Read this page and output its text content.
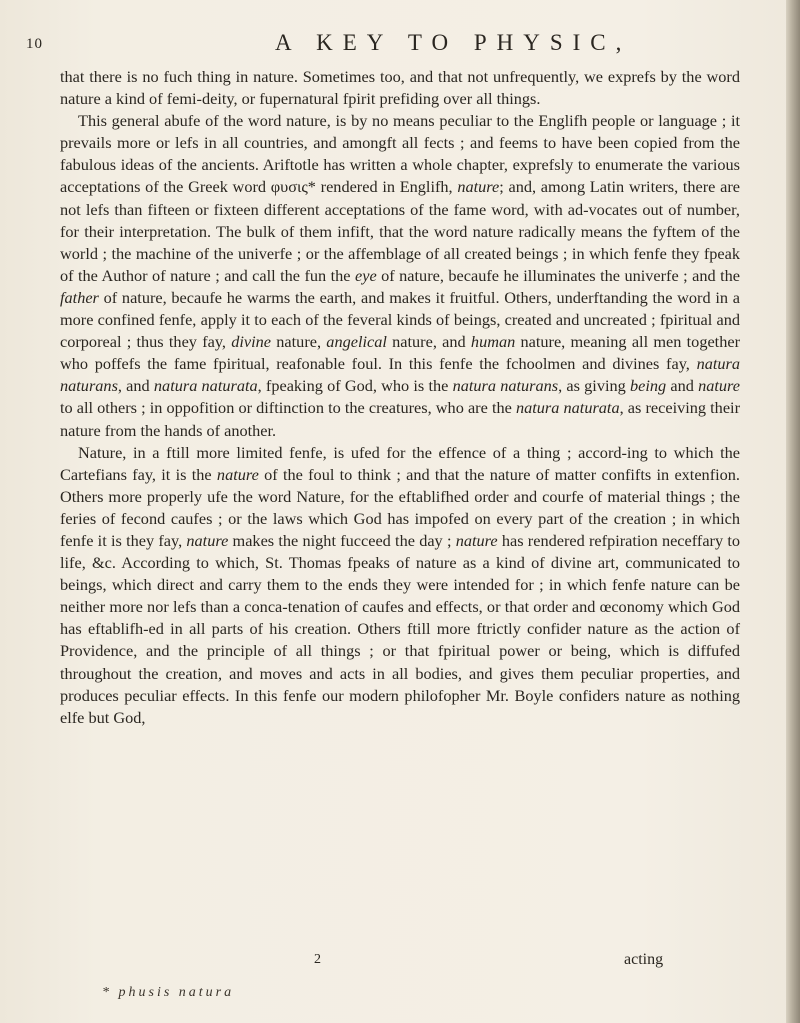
10	A KEY TO PHYSIC,

that there is no fuch thing in nature. Sometimes too, and that not unfrequently, we exprefs by the word nature a kind of femi-deity, or fupernatural fpirit prefiding over all things.

This general abufe of the word nature, is by no means peculiar to the Englifh people or language ; it prevails more or lefs in all countries, and amongft all fects ; and feems to have been copied from the fabulous ideas of the ancients. Ariftotle has written a whole chapter, exprefsly to enumerate the various acceptations of the Greek word φυσις* rendered in Englifh, nature; and, among Latin writers, there are not lefs than fifteen or fixteen different acceptations of the fame word, with ad-vocates out of number, for their interpretation. The bulk of them infift, that the word nature radically means the fyftem of the world ; the machine of the univerfe ; or the affemblage of all created beings ; in which fenfe they fpeak of the Author of nature ; and call the fun the eye of nature, becaufe he illuminates the univerfe ; and the father of nature, becaufe he warms the earth, and makes it fruitful. Others, underftanding the word in a more confined fenfe, apply it to each of the feveral kinds of beings, created and uncreated ; fpiritual and corporeal ; thus they fay, divine nature, angelical nature, and human nature, meaning all men together who poffefs the fame fpiritual, reafonable foul. In this fenfe the fchoolmen and divines fay, natura naturans, and natura naturata, fpeaking of God, who is the natura naturans, as giving being and nature to all others ; in oppofition or diftinction to the creatures, who are the natura naturata, as receiving their nature from the hands of another.

Nature, in a ftill more limited fenfe, is ufed for the effence of a thing ; accord-ing to which the Cartefians fay, it is the nature of the foul to think ; and that the nature of matter confifts in extenfion. Others more properly ufe the word Nature, for the eftablifhed order and courfe of material things ; the feries of fecond caufes ; or the laws which God has impofed on every part of the creation ; in which fenfe it is they fay, nature makes the night fucceed the day ; nature has rendered refpiration neceffary to life, &c. According to which, St. Thomas fpeaks of nature as a kind of divine art, communicated to beings, which direct and carry them to the ends they were intended for ; in which fenfe nature can be neither more nor lefs than a conca-tenation of caufes and effects, or that order and œconomy which God has eftablifh-ed in all parts of his creation. Others ftill more ftrictly confider nature as the action of Providence, and the principle of all things ; or that fpiritual power or being, which is diffufed throughout the creation, and moves and acts in all bodies, and gives them peculiar properties, and produces peculiar effects. In this fenfe our modern philofopher Mr. Boyle confiders nature as nothing elfe but God,

2	acting
* phusis natura
